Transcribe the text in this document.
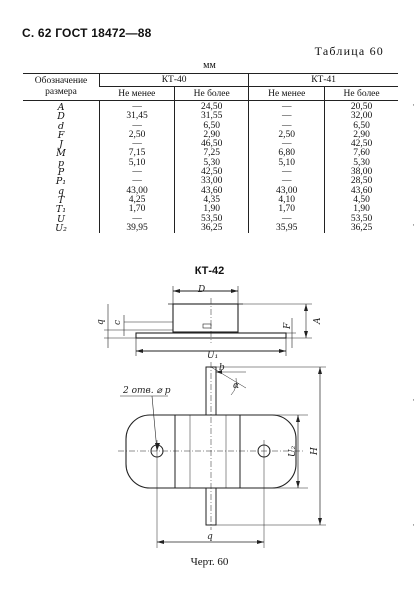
С. 62 ГОСТ 18472—88
Таблица 60
·
·
·
·
мм
Обозначение размера	КТ-40		КТ-41	
	Не менее	Не более	Не менее	Не более
A	—	24,50	—	20,50
D	31,45	31,55	—	32,00
d	—	6,50	—	6,50
F	2,50	2,90	2,50	2,90
J	—	46,50	—	42,50
M	7,15	7,25	6,80	7,60
p	5,10	5,30	5,10	5,30
P	—	42,50	—	38,00
P₁	—	33,00	—	28,50
q	43,00	43,60	43,00	43,60
T	4,25	4,35	4,10	4,50
T₁	1,70	1,90	1,70	1,90
U	—	53,50	—	53,50
U₂	39,95	36,25	35,95	36,25
КТ-42
D
q c
F
A
U₁
2 отв. ⌀ p
b
α
U₂ H
q
Черт. 60
